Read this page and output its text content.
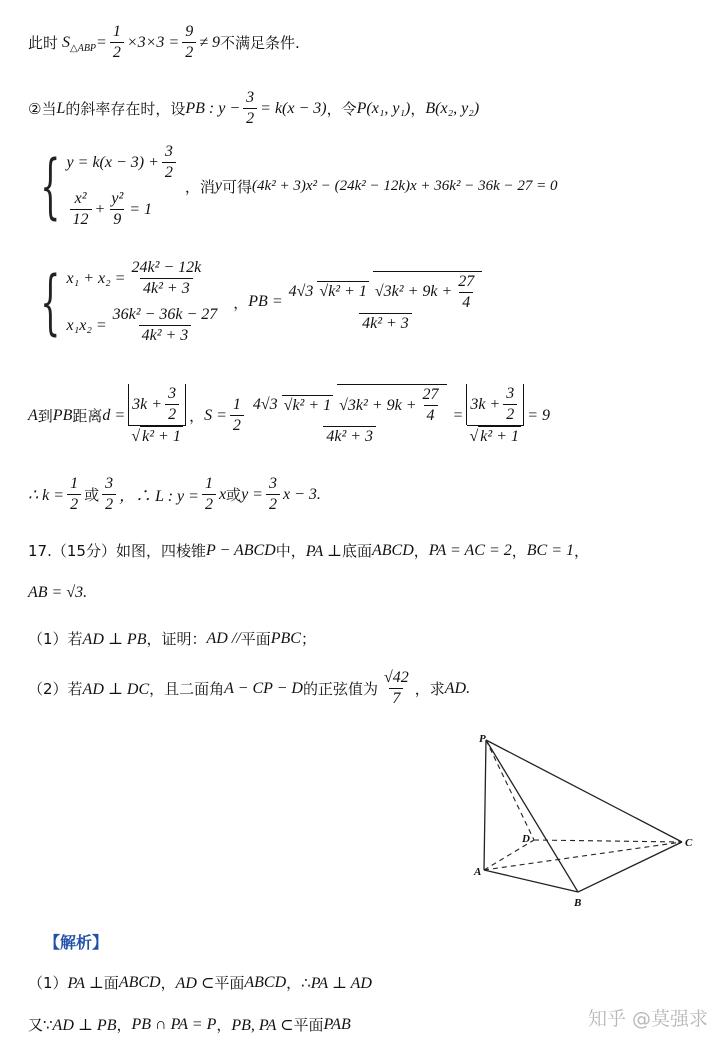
此时 S △ABP = $\frac{1}{2} \times 3\times 3 = \frac{9}{2} \ne 9$ 不满足条件.
②当 L 的斜率存在时，设 PB : $y - \frac{3}{2} = k(x - 3)$ ，令 P(x₁, y₁) ， B(x₂, y₂)
{ $y = k(x - 3) + \frac{3}{2}$
$\frac{\text{x²}}{12} + \frac{\text{y²}}{9} = 1$
，消 y 可得 (4k² + 3)x² − (24k² − 12k)x + 36k² − 36k − 27 = 0
{ $x_1 + x_2 = \frac{\text{24k² − 12k}}{\text{4k² + 3}}$
$x_1x_2 = \frac{\text{36k² − 36k − 27}}{\text{4k² + 3}}$
， PB = $\frac{4√3 √k^2 + 1 √ 3k^2 + 9k + \frac{27}{4}}{\text{4k² + 3}}$
A 到 PB 距离 $d = \frac{3k + \frac{3}{2}}{\text{√ k² + 1}}$ ， $S = \frac{1}{2} \frac{4√3 √k^2 + 1 √ 3k^2 + 9k + \frac{27}{4}}{\text{4k² + 3}} = \frac{3k + \frac{3}{2}}{\text{√ k² + 1}} = 9$
∴ $k = \frac{1}{2}$ 或 $\frac{3}{2}$ ，∴ L : $y = \frac{1}{2}$ x 或 $y = \frac{3}{2}$ x − 3.
17.（15分）如图，四棱锥 P − ABCD 中， PA ⊥ 底面 ABCD ， PA = AC = 2 ， BC = 1 ，
AB = √3 .
（1）若 AD ⊥ PB ，证明： AD // 平面 PBC ；
（2）若 AD ⊥ DC ，且二面角 A − CP − D 的正弦值为 $\frac{√42}{7}$ ，求 AD .
P
A
B
C
D
【解析】
（1） PA ⊥ 面 ABCD ， AD ⊂ 平面 ABCD ，∴ PA ⊥ AD
又∵ AD ⊥ PB ， PB ∩ PA = P ， PB, PA ⊂ 平面 PAB	知乎 @莫强求
